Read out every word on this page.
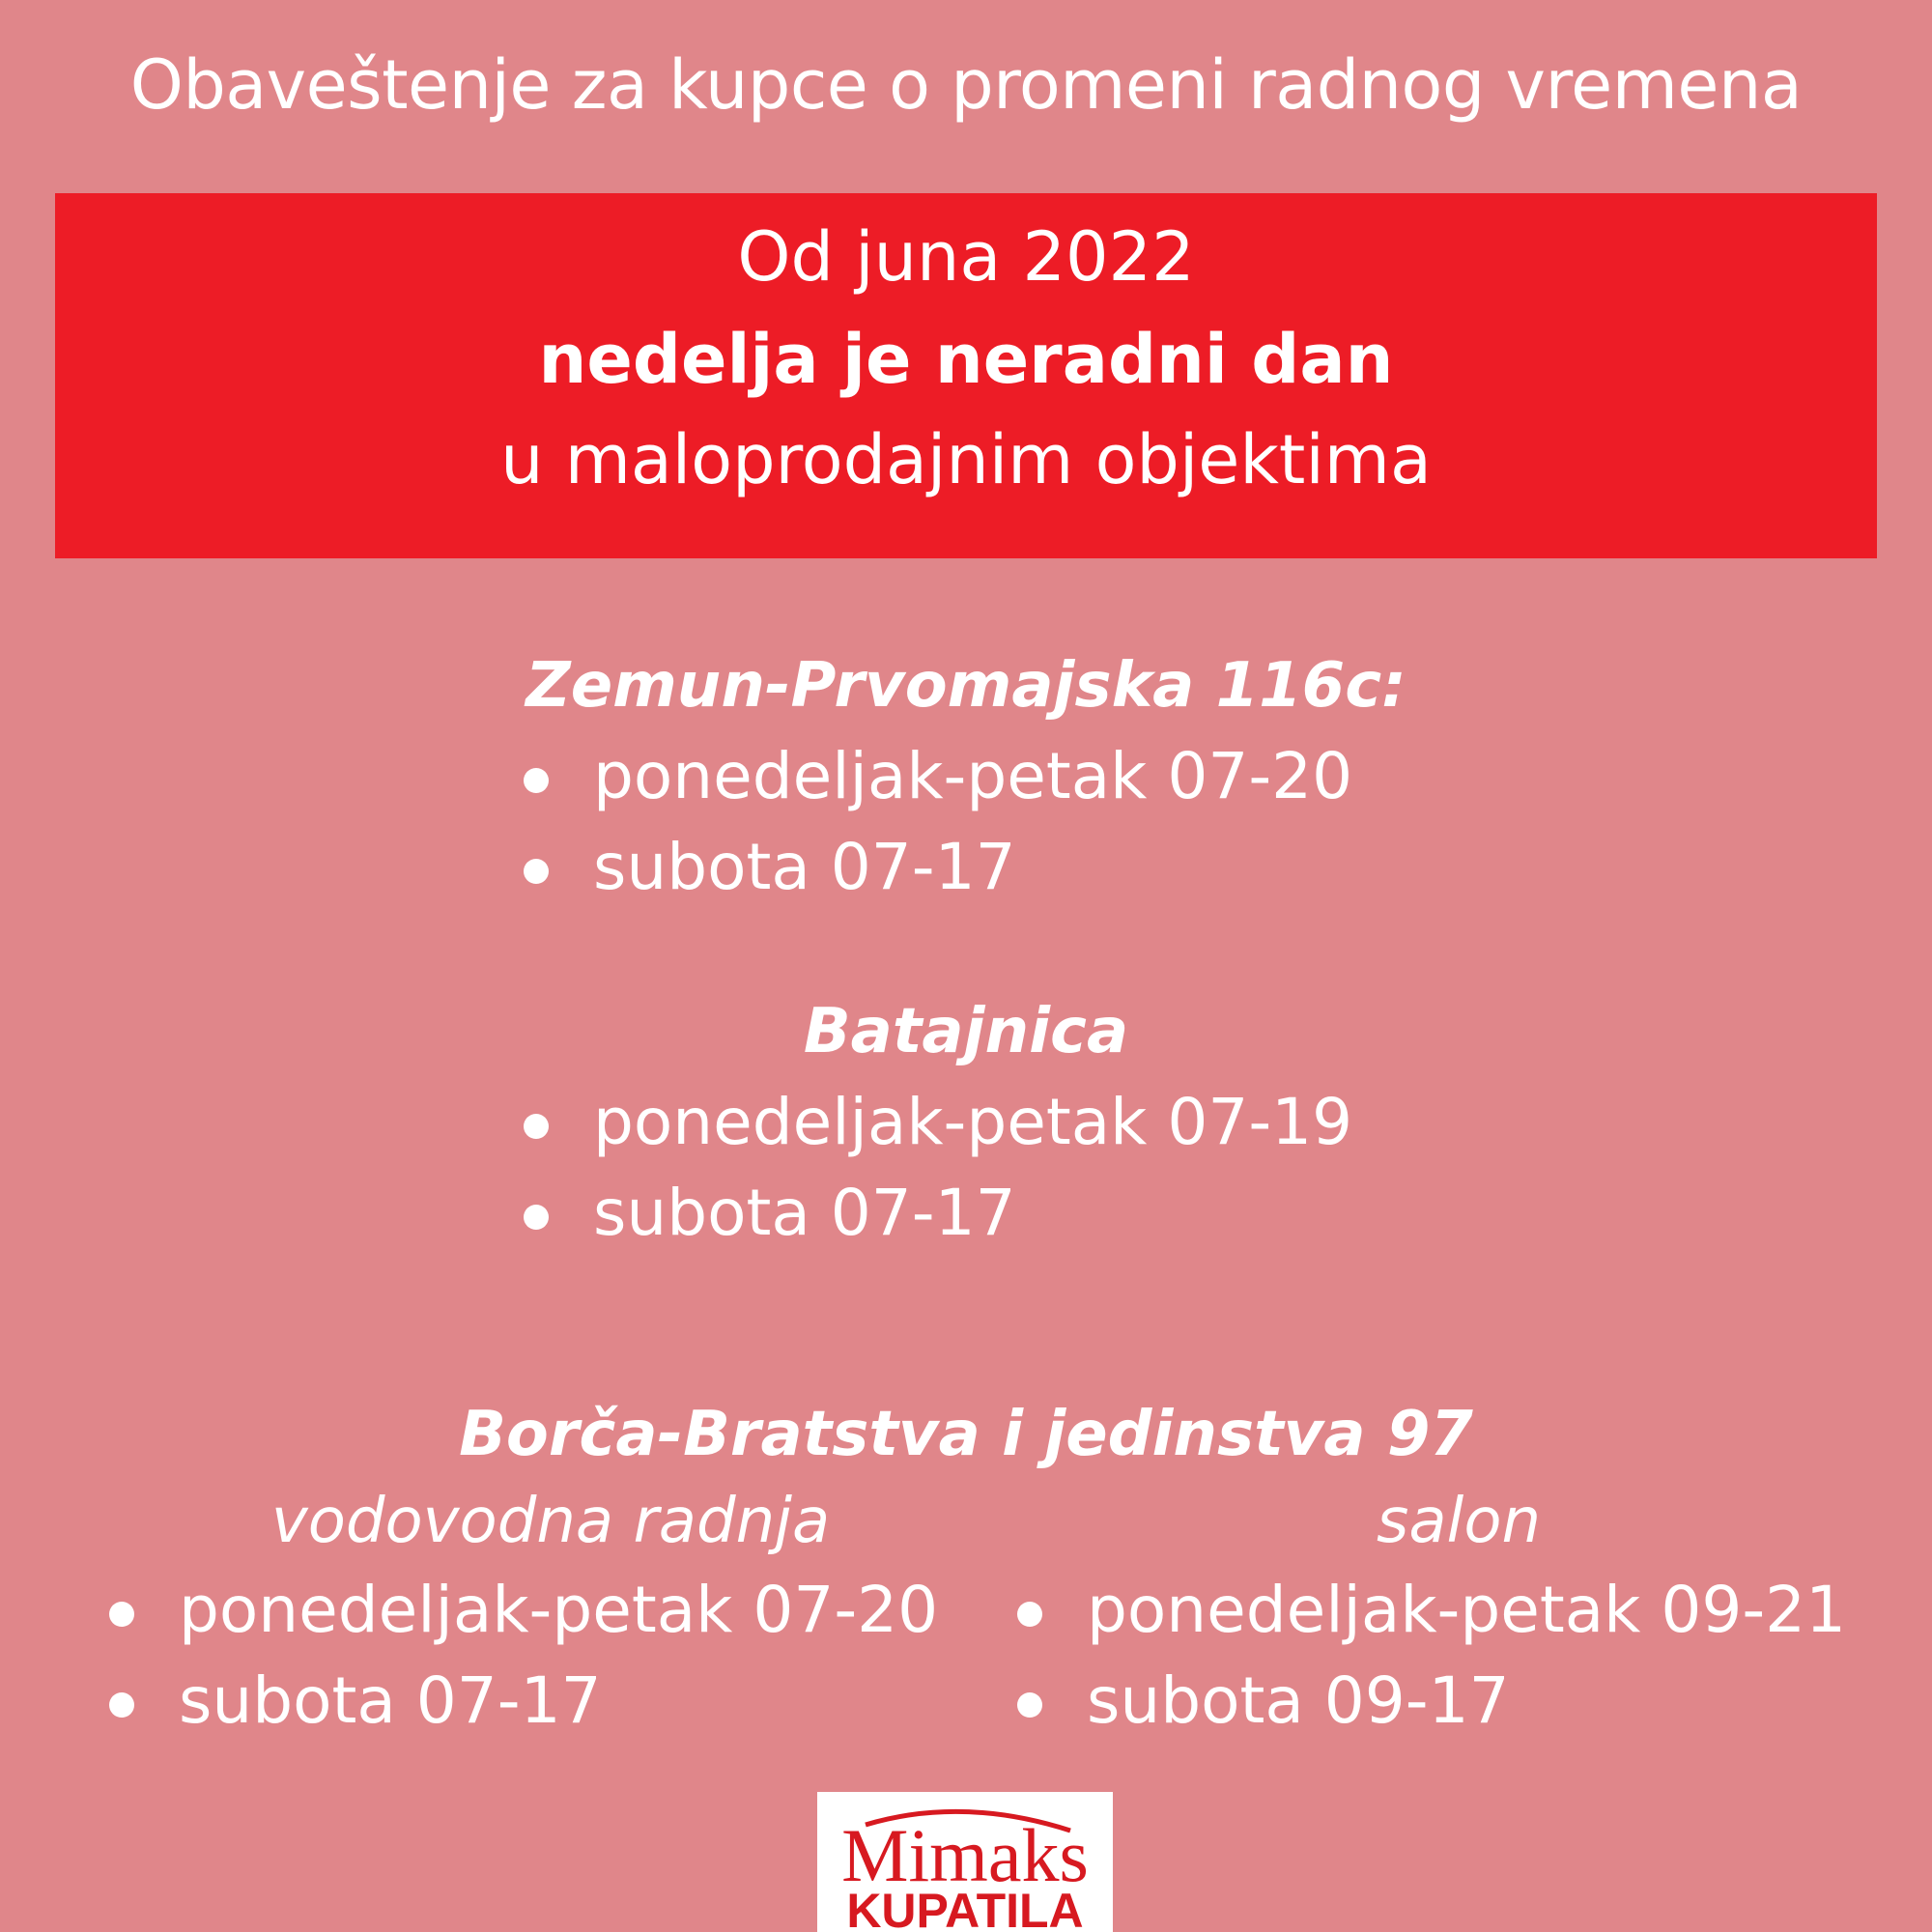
Obaveštenje za kupce o promeni radnog vremena
Od juna 2022
nedelja je neradni dan
u maloprodajnim objektima
Zemun-Prvomajska 116c:
ponedeljak-petak 07-20
subota 07-17
Batajnica
ponedeljak-petak 07-19
subota 07-17
Borča-Bratstva i jedinstva 97
vodovodna radnja	salon
ponedeljak-petak 07-20
subota 07-17
ponedeljak-petak 09-21
subota 09-17
Mimaks
KUPATILA
